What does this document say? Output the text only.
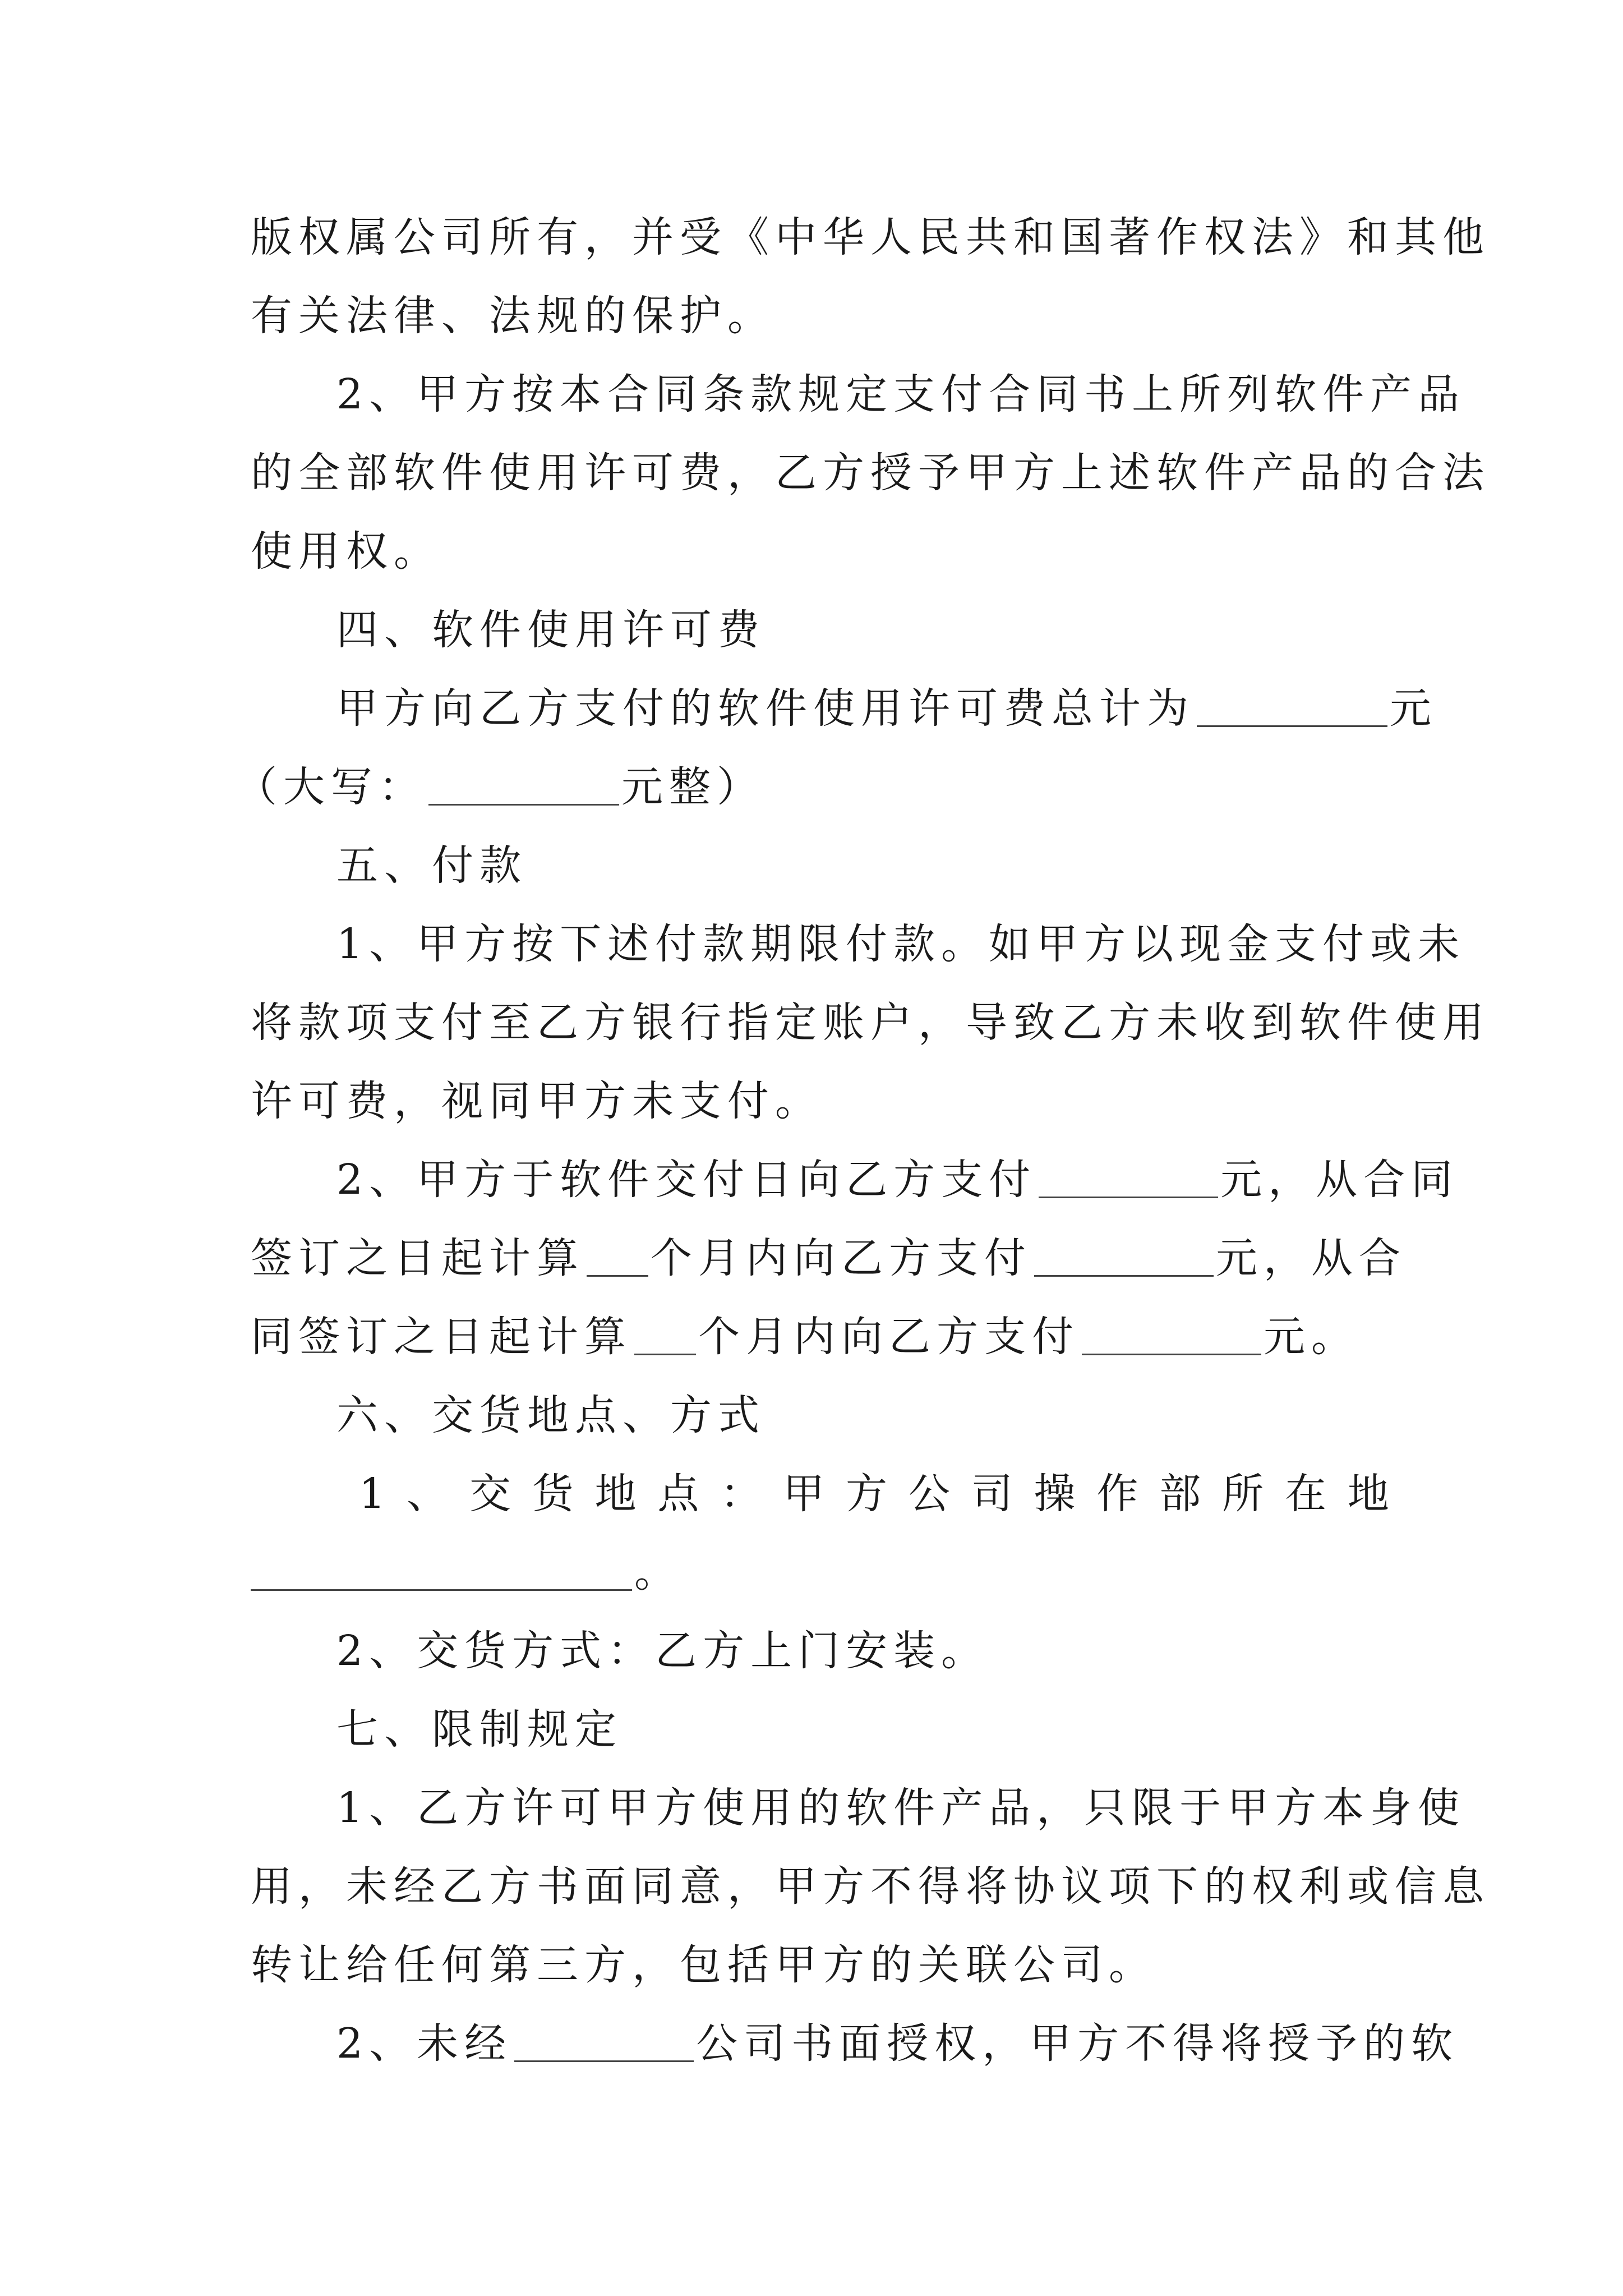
版权属公司所有，并受《中华人民共和国著作权法》和其他
有关法律、法规的保护。
2、甲方按本合同条款规定支付合同书上所列软件产品
的全部软件使用许可费，乙方授予甲方上述软件产品的合法
使用权。
四、软件使用许可费
甲方向乙方支付的软件使用许可费总计为	元
（大写：	元整）
五、付款
1、甲方按下述付款期限付款。如甲方以现金支付或未
将款项支付至乙方银行指定账户，导致乙方未收到软件使用
许可费，视同甲方未支付。
2、甲方于软件交付日向乙方支付	元，从合同
签订之日起计算 个月内向乙方支付	元，从合
同签订之日起计算 个月内向乙方支付	元。
六、交货地点、方式
1 、 交 货 地 点 ： 甲 方 公 司 操 作 部 所 在 地
。
2、交货方式：乙方上门安装。
七、限制规定
1、乙方许可甲方使用的软件产品，只限于甲方本身使
用，未经乙方书面同意，甲方不得将协议项下的权利或信息
转让给任何第三方，包括甲方的关联公司。
2、未经	公司书面授权，甲方不得将授予的软
